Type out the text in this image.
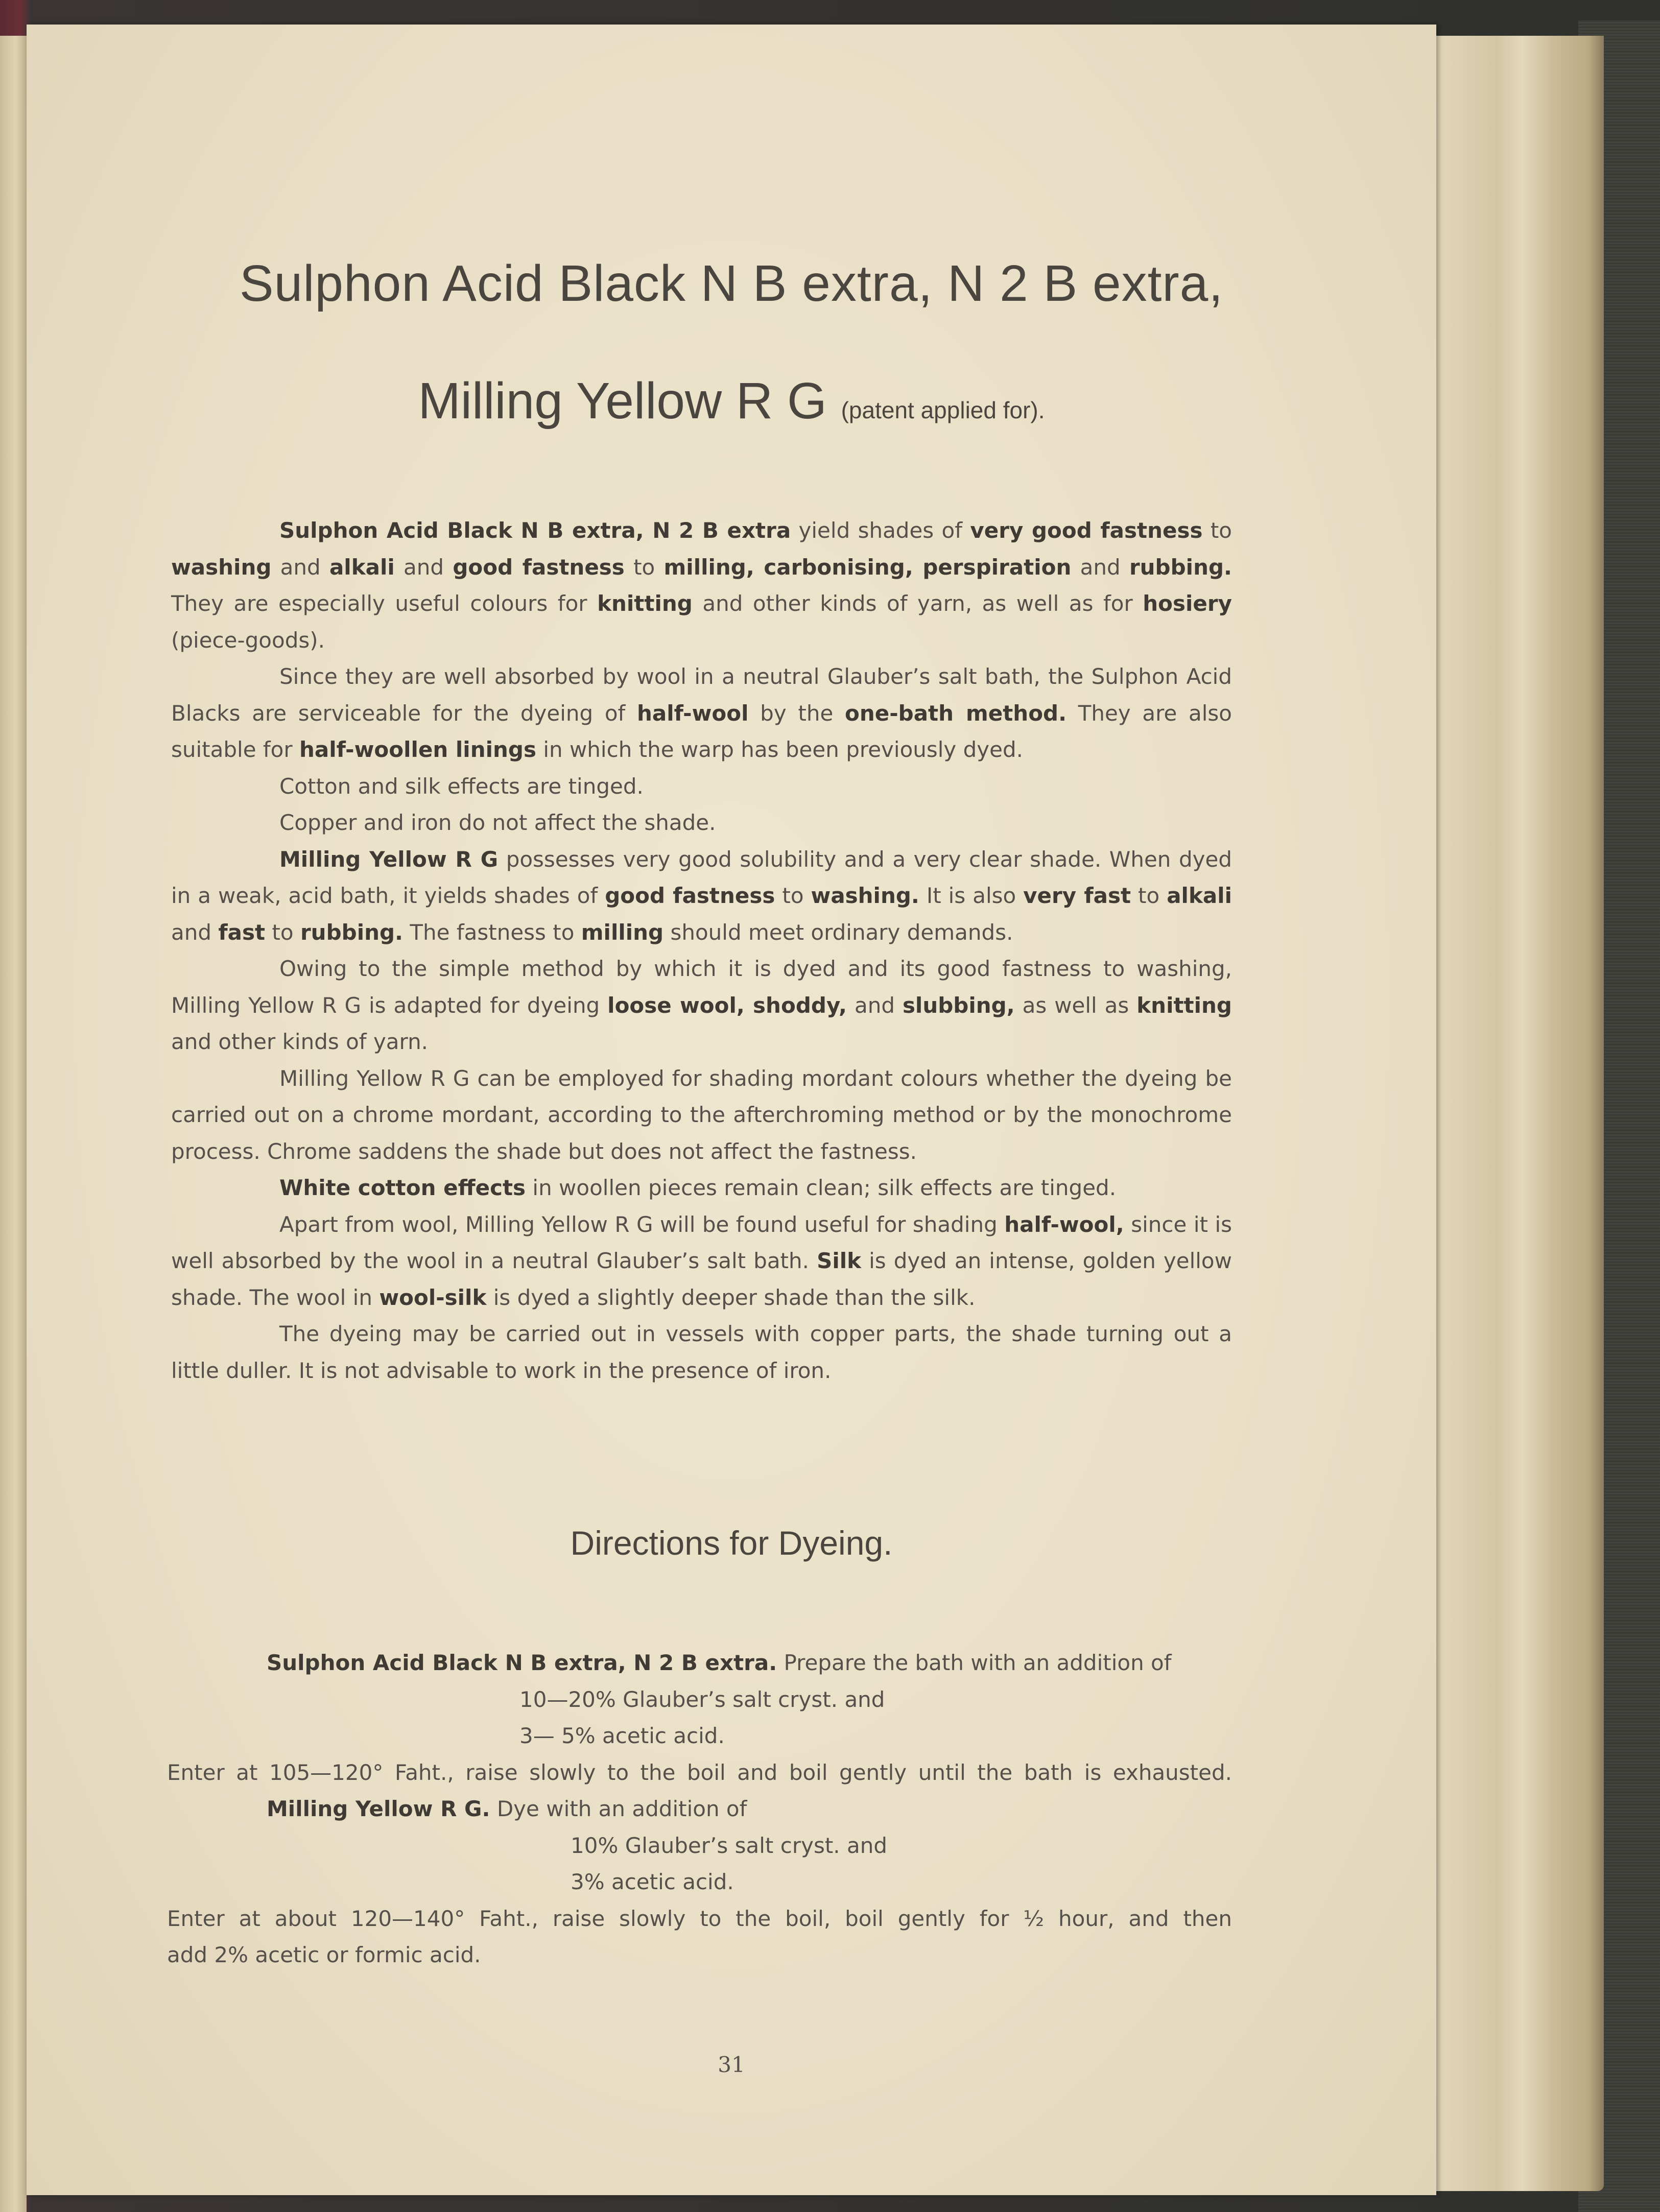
Sulphon Acid Black N B extra, N 2 B extra,
Milling Yellow R G (patent applied for).

Sulphon Acid Black N B extra, N 2 B extra yield shades of very good fastness to washing and alkali and good fastness to milling, carbonising, perspiration and rubbing. They are especially useful colours for knitting and other kinds of yarn, as well as for hosiery (piece-goods).

Since they are well absorbed by wool in a neutral Glauber’s salt bath, the Sulphon Acid Blacks are serviceable for the dyeing of half-wool by the one-bath method. They are also suitable for half-woollen linings in which the warp has been previously dyed.

Cotton and silk effects are tinged.

Copper and iron do not affect the shade.

Milling Yellow R G possesses very good solubility and a very clear shade. When dyed in a weak, acid bath, it yields shades of good fastness to washing. It is also very fast to alkali and fast to rubbing. The fastness to milling should meet ordinary demands.

Owing to the simple method by which it is dyed and its good fastness to washing, Milling Yellow R G is adapted for dyeing loose wool, shoddy, and slubbing, as well as knitting and other kinds of yarn.

Milling Yellow R G can be employed for shading mordant colours whether the dyeing be carried out on a chrome mordant, according to the afterchroming method or by the monochrome process. Chrome saddens the shade but does not affect the fastness.

White cotton effects in woollen pieces remain clean; silk effects are tinged.

Apart from wool, Milling Yellow R G will be found useful for shading half-wool, since it is well absorbed by the wool in a neutral Glauber’s salt bath. Silk is dyed an intense, golden yellow shade. The wool in wool-silk is dyed a slightly deeper shade than the silk.

The dyeing may be carried out in vessels with copper parts, the shade turning out a little duller. It is not advisable to work in the presence of iron.

Directions for Dyeing.
Sulphon Acid Black N B extra, N 2 B extra. Prepare the bath with an addition of
10—20% Glauber’s salt cryst. and
3— 5% acetic acid.
Enter at 105—120° Faht., raise slowly to the boil and boil gently until the bath is exhausted.
Milling Yellow R G. Dye with an addition of
10% Glauber’s salt cryst. and
3% acetic acid.
Enter at about 120—140° Faht., raise slowly to the boil, boil gently for ½ hour, and then
add 2% acetic or formic acid.
31
